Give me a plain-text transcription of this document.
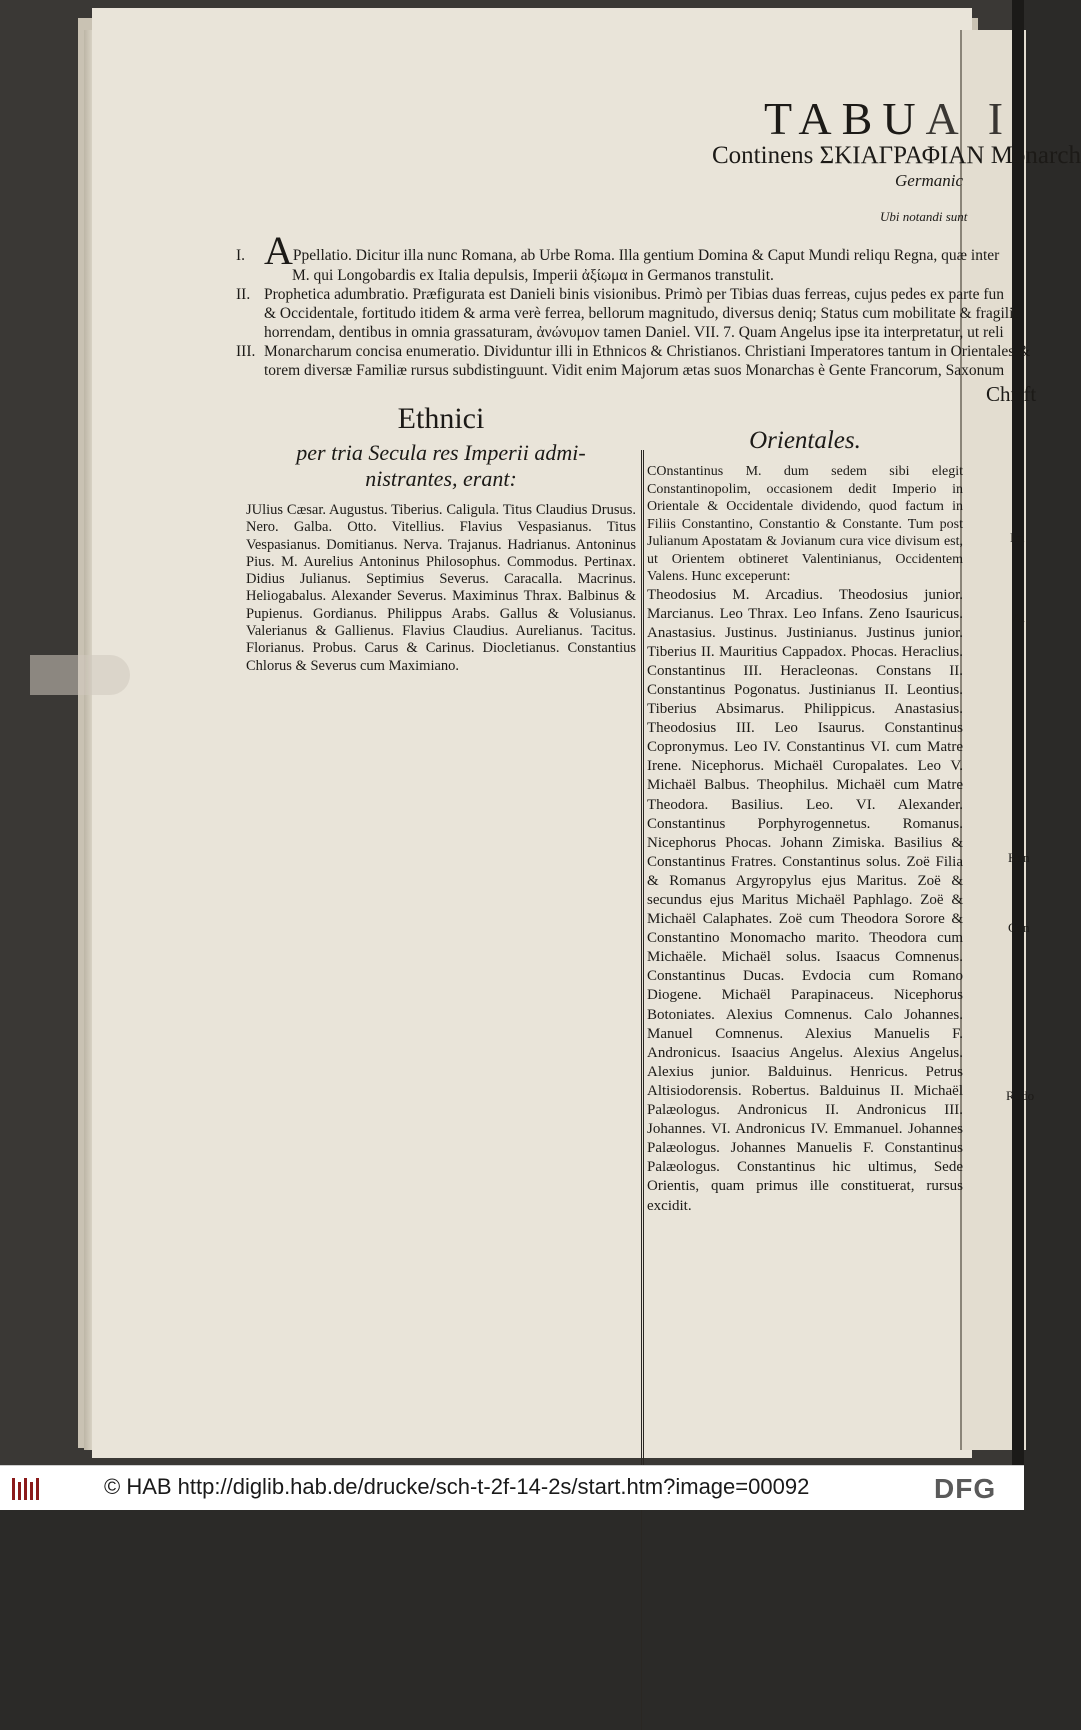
TABUA I
Continens ΣΚΙΑΓΡΑΦΙΑΝ Monarch
Germanic
Ubi notandi sunt
I. APpellatio. Dicitur illa nunc Romana, ab Urbe Roma. Illa gentium Domina & Caput Mundi reliqu Regna, quæ inter
M. qui Longobardis ex Italia depulsis, Imperii ἀξίωμα in Germanos transtulit.
II. Prophetica adumbratio. Præfigurata est Danieli binis visionibus. Primò per Tibias duas ferreas, cujus pedes ex parte fun
& Occidentale, fortitudo itidem & arma verè ferrea, bellorum magnitudo, diversus deniq; Status cum mobilitate & fragilit
horrendam, dentibus in omnia grassaturam, ἀνώνυμον tamen Daniel. VII. 7. Quam Angelus ipse ita interpretatur, ut reli
III. Monarcharum concisa enumeratio. Dividuntur illi in Ethnicos & Christianos. Christiani Imperatores tantum in Orientales &
torem diversæ Familiæ rursus subdistinguunt. Vidit enim Majorum ætas suos Monarchas è Gente Francorum, Saxonum
Ethnici
per tria Secula res Imperii admi-
nistrantes, erant:
JUlius Cæsar. Augustus. Tiberius. Caligula. Titus Claudius Drusus. Nero. Galba. Otto. Vitellius. Flavius Vespasianus. Titus Vespasianus. Domitianus. Nerva. Trajanus. Hadrianus. Antoninus Pius. M. Aurelius Antoninus Philosophus. Commodus. Pertinax. Didius Julianus. Septimius Severus. Caracalla. Macrinus. Heliogabalus. Alexander Severus. Maximinus Thrax. Balbinus & Pupienus. Gordianus. Philippus Arabs. Gallus & Volusianus. Valerianus & Gallienus. Flavius Claudius. Aurelianus. Tacitus. Florianus. Probus. Carus & Carinus. Diocletianus. Constantius Chlorus & Severus cum Maximiano.
Orientales.
COnstantinus M. dum sedem sibi elegit Constantinopolim, occasionem dedit Imperio in Orientale & Occidentale dividendo, quod factum in Filiis Constantino, Constantio & Constante. Tum post Julianum Apostatam & Jovianum cura vice divisum est, ut Orientem obtineret Valentinianus, Occidentem Valens. Hunc exceperunt:
Theodosius M. Arcadius. Theodosius junior. Marcianus. Leo Thrax. Leo Infans. Zeno Isauricus. Anastasius. Justinus. Justinianus. Justinus junior. Tiberius II. Mauritius Cappadox. Phocas. Heraclius. Constantinus III. Heracleonas. Constans II. Constantinus Pogonatus. Justinianus II. Leontius. Tiberius Absimarus. Philippicus. Anastasius. Theodosius III. Leo Isaurus. Constantinus Copronymus. Leo IV. Constantinus VI. cum Matre Irene. Nicephorus. Michaël Curopalates. Leo V. Michaël Balbus. Theophilus. Michaël cum Matre Theodora. Basilius. Leo. VI. Alexander. Constantinus Porphyrogennetus. Romanus. Nicephorus Phocas. Johann Zimiska. Basilius & Constantinus Fratres. Constantinus solus. Zoë Filia & Romanus Argyropylus ejus Maritus. Zoë & secundus ejus Maritus Michaël Paphlago. Zoë & Michaël Calaphates. Zoë cum Theodora Sorore & Constantino Monomacho marito. Theodora cum Michaële. Michaël solus. Isaacus Comnenus. Constantinus Ducas. Evdocia cum Romano Diogene. Michaël Parapinaceus. Nicephorus Botoniates. Alexius Comnenus. Calo Johannes. Manuel Comnenus. Alexius Manuelis F. Andronicus. Isaacius Angelus. Alexius Angelus. Alexius junior. Balduinus. Henricus. Petrus Altisiodorensis. Robertus. Balduinus II. Michaël Palæologus. Andronicus II. Andronicus III. Johannes. VI. Andronicus IV. Emmanuel. Johannes Palæologus. Johannes Manuelis F. Constantinus Palæologus. Constantinus hic ultimus, Sede Orientis, quam primus ille constituerat, rursus excidit.
Chrift
Rudo
Hen
Con
Im
Al
© HAB http://diglib.hab.de/drucke/sch-t-2f-14-2s/start.htm?image=00092	DFG
